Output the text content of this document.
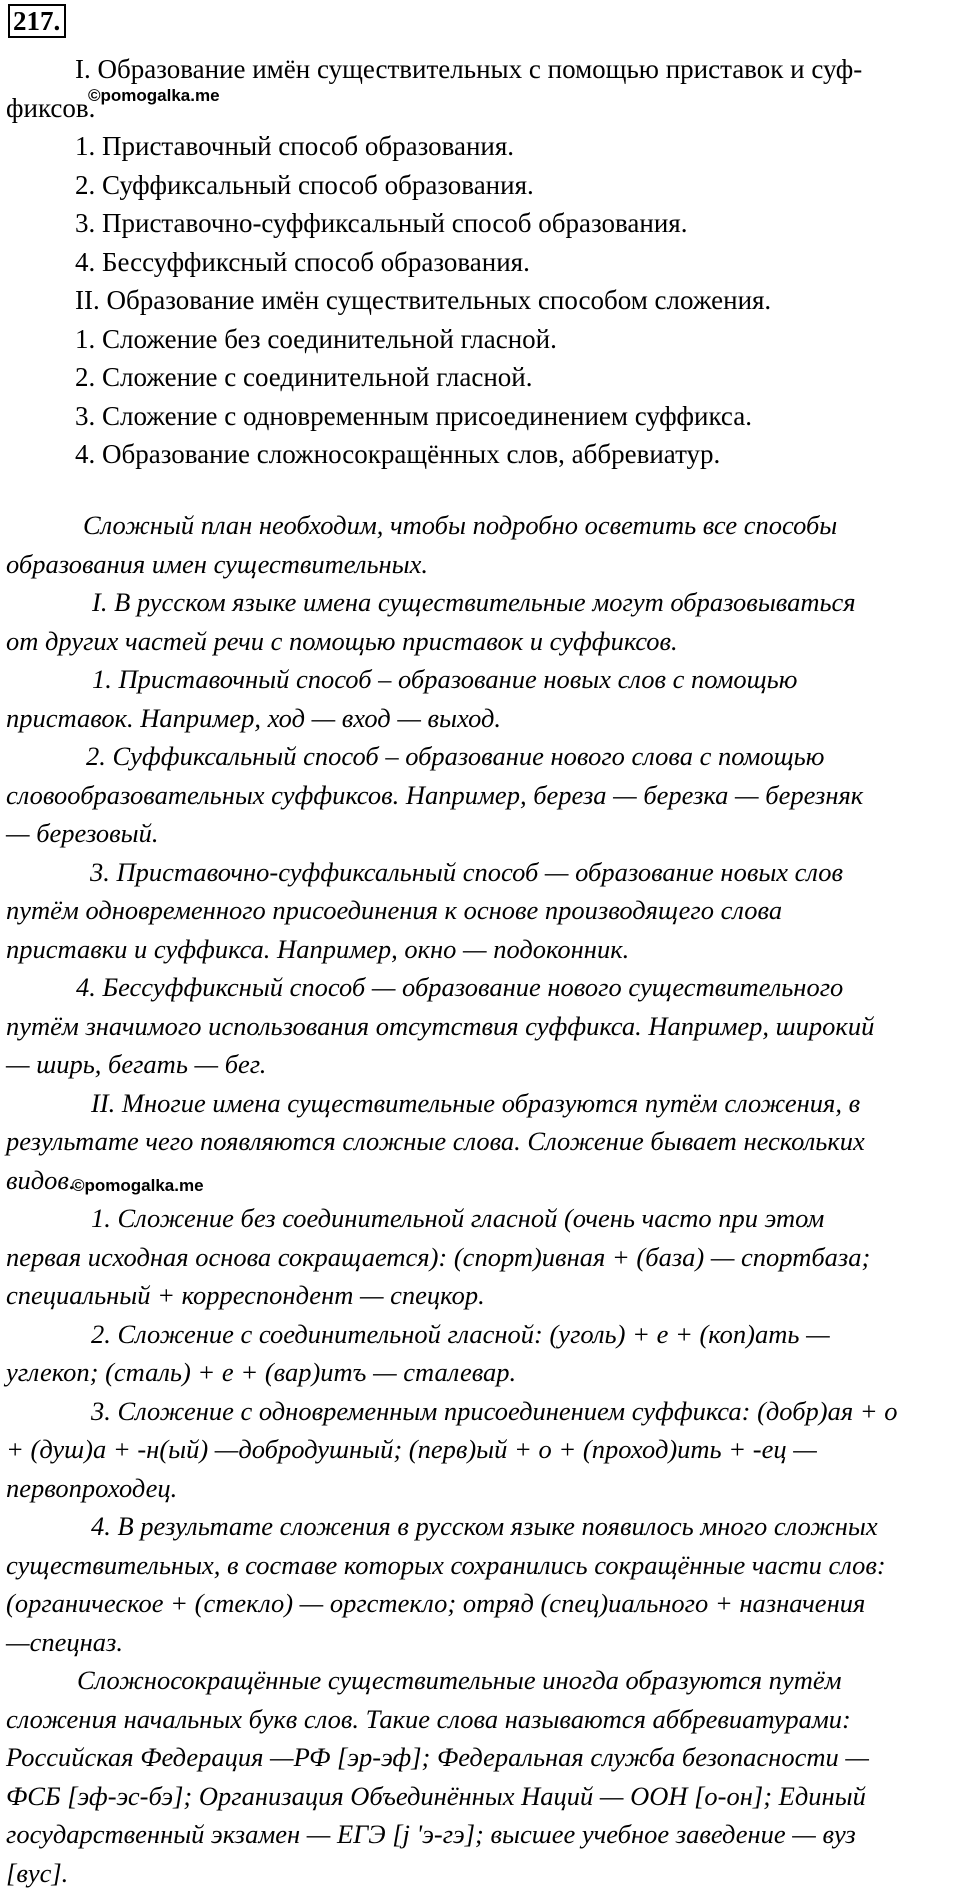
217.
I. Образование имён существительных с помощью приставок и суф-
фиксов.
1. Приставочный способ образования.
2. Суффиксальный способ образования.
3. Приставочно-суффиксальный способ образования.
4. Бессуффиксный способ образования.
II. Образование имён существительных способом сложения.
1. Сложение без соединительной гласной.
2. Сложение с соединительной гласной.
3. Сложение с одновременным присоединением суффикса.
4. Образование сложносокращённых слов, аббревиатур.
©pomogalka.me
Сложный план необходим, чтобы подробно осветить все способы
образования имен существительных.
I. В русском языке имена существительные могут образовываться
от других частей речи с помощью приставок и суффиксов.
1. Приставочный способ – образование новых слов с помощью
приставок. Например, ход — вход — выход.
2. Суффиксальный способ – образование нового слова с помощью
словообразовательных суффиксов. Например, береза — березка — березняк
— березовый.
3. Приставочно-суффиксальный способ — образование новых слов
путём одновременного присоединения к основе производящего слова
приставки и суффикса. Например, окно — подоконник.
4. Бессуффиксный способ — образование нового существительного
путём значимого использования отсутствия суффикса. Например, широкий
— ширь, бегать — бег.
II. Многие имена существительные образуются путём сложения, в
результате чего появляются сложные слова. Сложение бывает нескольких
видов.
1. Сложение без соединительной гласной (очень часто при этом
первая исходная основа сокращается): (спорт)ивная + (база) — спортбаза;
специальный + корреспондент — спецкор.
2. Сложение с соединительной гласной: (уголь) + е + (коп)ать —
углекоп; (сталь) + е + (вар)итъ — сталевар.
3. Сложение с одновременным присоединением суффикса: (добр)ая + о
+ (душ)а + -н(ый) —добродушный; (перв)ый + о + (проход)ить + -ец —
первопроходец.
4. В результате сложения в русском языке появилось много сложных
существительных, в составе которых сохранились сокращённые части слов:
(органическое + (стекло) — оргстекло; отряд (спец)иального + назначения
—спецназ.
Сложносокращённые существительные иногда образуются путём
сложения начальных букв слов. Такие слова называются аббревиатурами:
Российская Федерация —РФ [эр-эф]; Федеральная служба безопасности —
ФСБ [эф-эс-бэ]; Организация Объединённых Наций — ООН [о-он]; Единый
государственный экзамен — ЕГЭ [j 'э-гэ]; высшее учебное заведение — вуз
[вус].
©pomogalka.me
